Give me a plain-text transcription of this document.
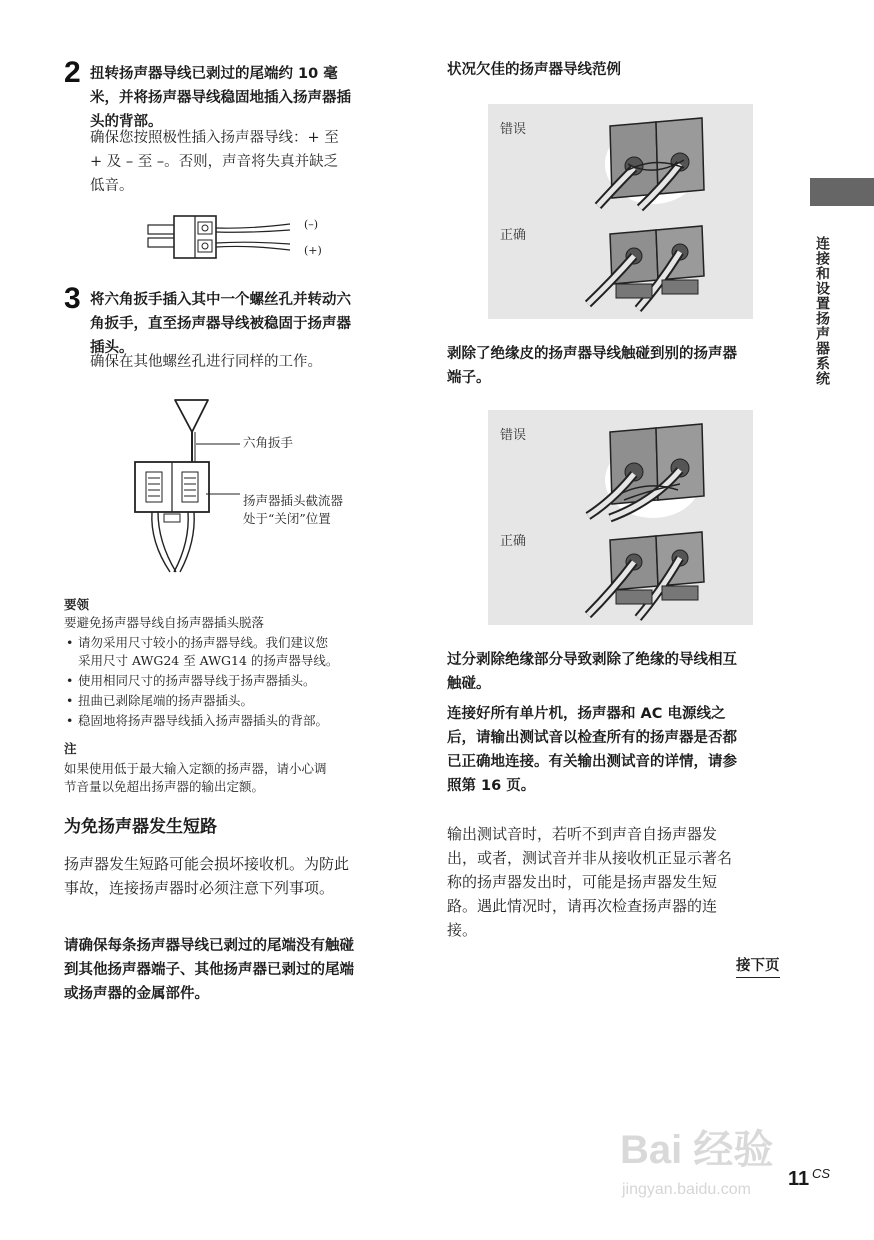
2 扭转扬声器导线已剥过的尾端约 10 毫
米，并将扬声器导线稳固地插入扬声器插
头的背部。
确保您按照极性插入扬声器导线：+ 至
+ 及 – 至 –。否则，声音将失真并缺乏
低音。
(–)
(+)
3 将六角扳手插入其中一个螺丝孔并转动六
角扳手，直至扬声器导线被稳固于扬声器
插头。
确保在其他螺丝孔进行同样的工作。
六角扳手
扬声器插头截流器
处于“关闭”位置
要领
要避免扬声器导线自扬声器插头脱落
• 请勿采用尺寸较小的扬声器导线。我们建议您
采用尺寸 AWG24 至 AWG14 的扬声器导线。
• 使用相同尺寸的扬声器导线于扬声器插头。
• 扭曲已剥除尾端的扬声器插头。
• 稳固地将扬声器导线插入扬声器插头的背部。
注
如果使用低于最大输入定额的扬声器，请小心调
节音量以免超出扬声器的输出定额。
为免扬声器发生短路
扬声器发生短路可能会损坏接收机。为防此
事故，连接扬声器时必须注意下列事项。
请确保每条扬声器导线已剥过的尾端没有触碰
到其他扬声器端子、其他扬声器已剥过的尾端
或扬声器的金属部件。
状况欠佳的扬声器导线范例
错误
正确
剥除了绝缘皮的扬声器导线触碰到别的扬声器
端子。
错误
正确
过分剥除绝缘部分导致剥除了绝缘的导线相互
触碰。
连接好所有单片机，扬声器和 AC 电源线之
后，请输出测试音以检查所有的扬声器是否都
已正确地连接。有关输出测试音的详情，请参
照第 16 页。
输出测试音时，若听不到声音自扬声器发
出，或者，测试音并非从接收机正显示著名
称的扬声器发出时，可能是扬声器发生短
路。遇此情况时，请再次检查扬声器的连
接。
接下页
连接和设置扬声器系统
Bai 经验
jingyan.baidu.com 11 CS
